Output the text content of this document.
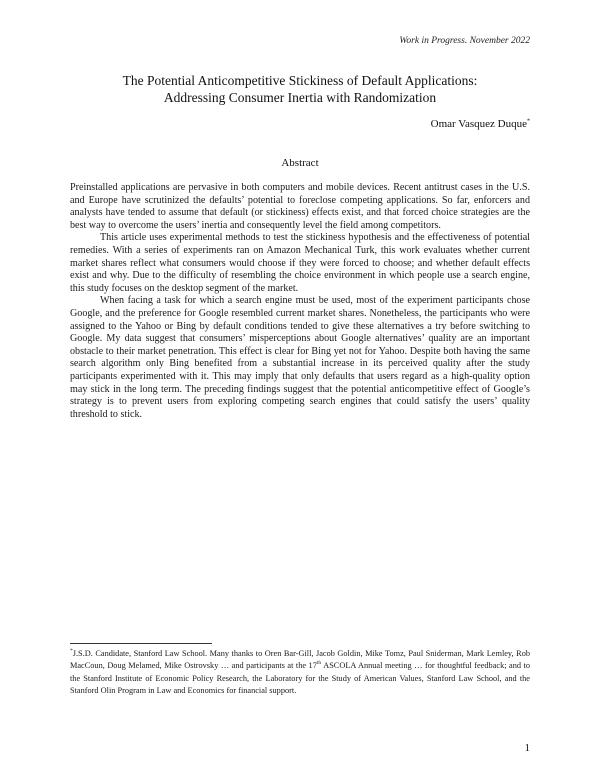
Work in Progress. November 2022
The Potential Anticompetitive Stickiness of Default Applications:
Addressing Consumer Inertia with Randomization
Omar Vasquez Duque*
Abstract

Preinstalled applications are pervasive in both computers and mobile devices. Recent antitrust cases in the U.S. and Europe have scrutinized the defaults’ potential to foreclose competing applications. So far, enforcers and analysts have tended to assume that default (or stickiness) effects exist, and that forced choice strategies are the best way to overcome the users’ inertia and consequently level the field among competitors.

This article uses experimental methods to test the stickiness hypothesis and the effectiveness of potential remedies. With a series of experiments ran on Amazon Mechanical Turk, this work evaluates whether current market shares reflect what consumers would choose if they were forced to choose; and whether default effects exist and why. Due to the difficulty of resembling the choice environment in which people use a search engine, this study focuses on the desktop segment of the market.

When facing a task for which a search engine must be used, most of the experiment participants chose Google, and the preference for Google resembled current market shares. Nonetheless, the participants who were assigned to the Yahoo or Bing by default conditions tended to give these alternatives a try before switching to Google. My data suggest that consumers’ misperceptions about Google alternatives’ quality are an important obstacle to their market penetration. This effect is clear for Bing yet not for Yahoo. Despite both having the same search algorithm only Bing benefited from a substantial increase in its perceived quality after the study participants experimented with it. This may imply that only defaults that users regard as a high-quality option may stick in the long term. The preceding findings suggest that the potential anticompetitive effect of Google’s strategy is to prevent users from exploring competing search engines that could satisfy the users’ quality threshold to stick.

*J.S.D. Candidate, Stanford Law School. Many thanks to Oren Bar-Gill, Jacob Goldin, Mike Tomz, Paul Sniderman, Mark Lemley, Rob MacCoun, Doug Melamed, Mike Ostrovsky … and participants at the 17th ASCOLA Annual meeting … for thoughtful feedback; and to the Stanford Institute of Economic Policy Research, the Laboratory for the Study of American Values, Stanford Law School, and the Stanford Olin Program in Law and Economics for financial support.
1
